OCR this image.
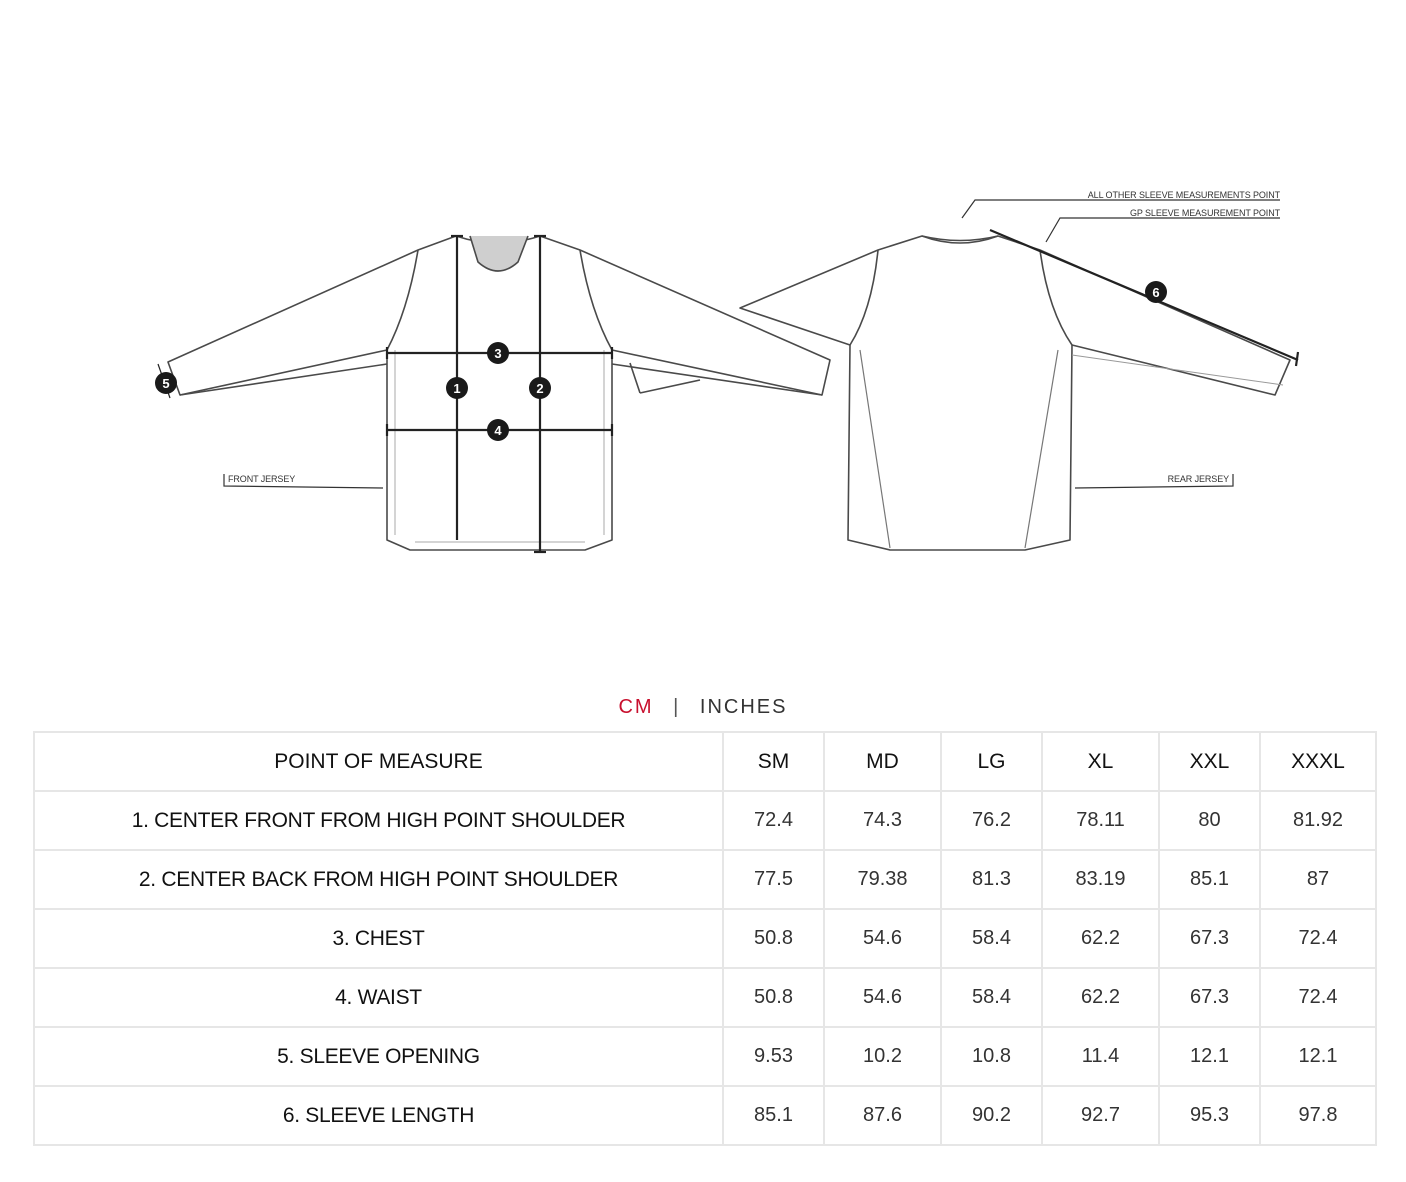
1	2
3
4
5
6
ALL OTHER SLEEVE MEASUREMENTS POINT
GP SLEEVE MEASUREMENT POINT
FRONT JERSEY	REAR JERSEY
CM | INCHES
POINT OF MEASURE	SM	MD	LG	XL	XXL	XXXL
1. CENTER FRONT FROM HIGH POINT SHOULDER	72.4	74.3	76.2	78.11	80	81.92
2. CENTER BACK FROM HIGH POINT SHOULDER	77.5	79.38	81.3	83.19	85.1	87
3. CHEST	50.8	54.6	58.4	62.2	67.3	72.4
4. WAIST	50.8	54.6	58.4	62.2	67.3	72.4
5. SLEEVE OPENING	9.53	10.2	10.8	11.4	12.1	12.1
6. SLEEVE LENGTH	85.1	87.6	90.2	92.7	95.3	97.8
